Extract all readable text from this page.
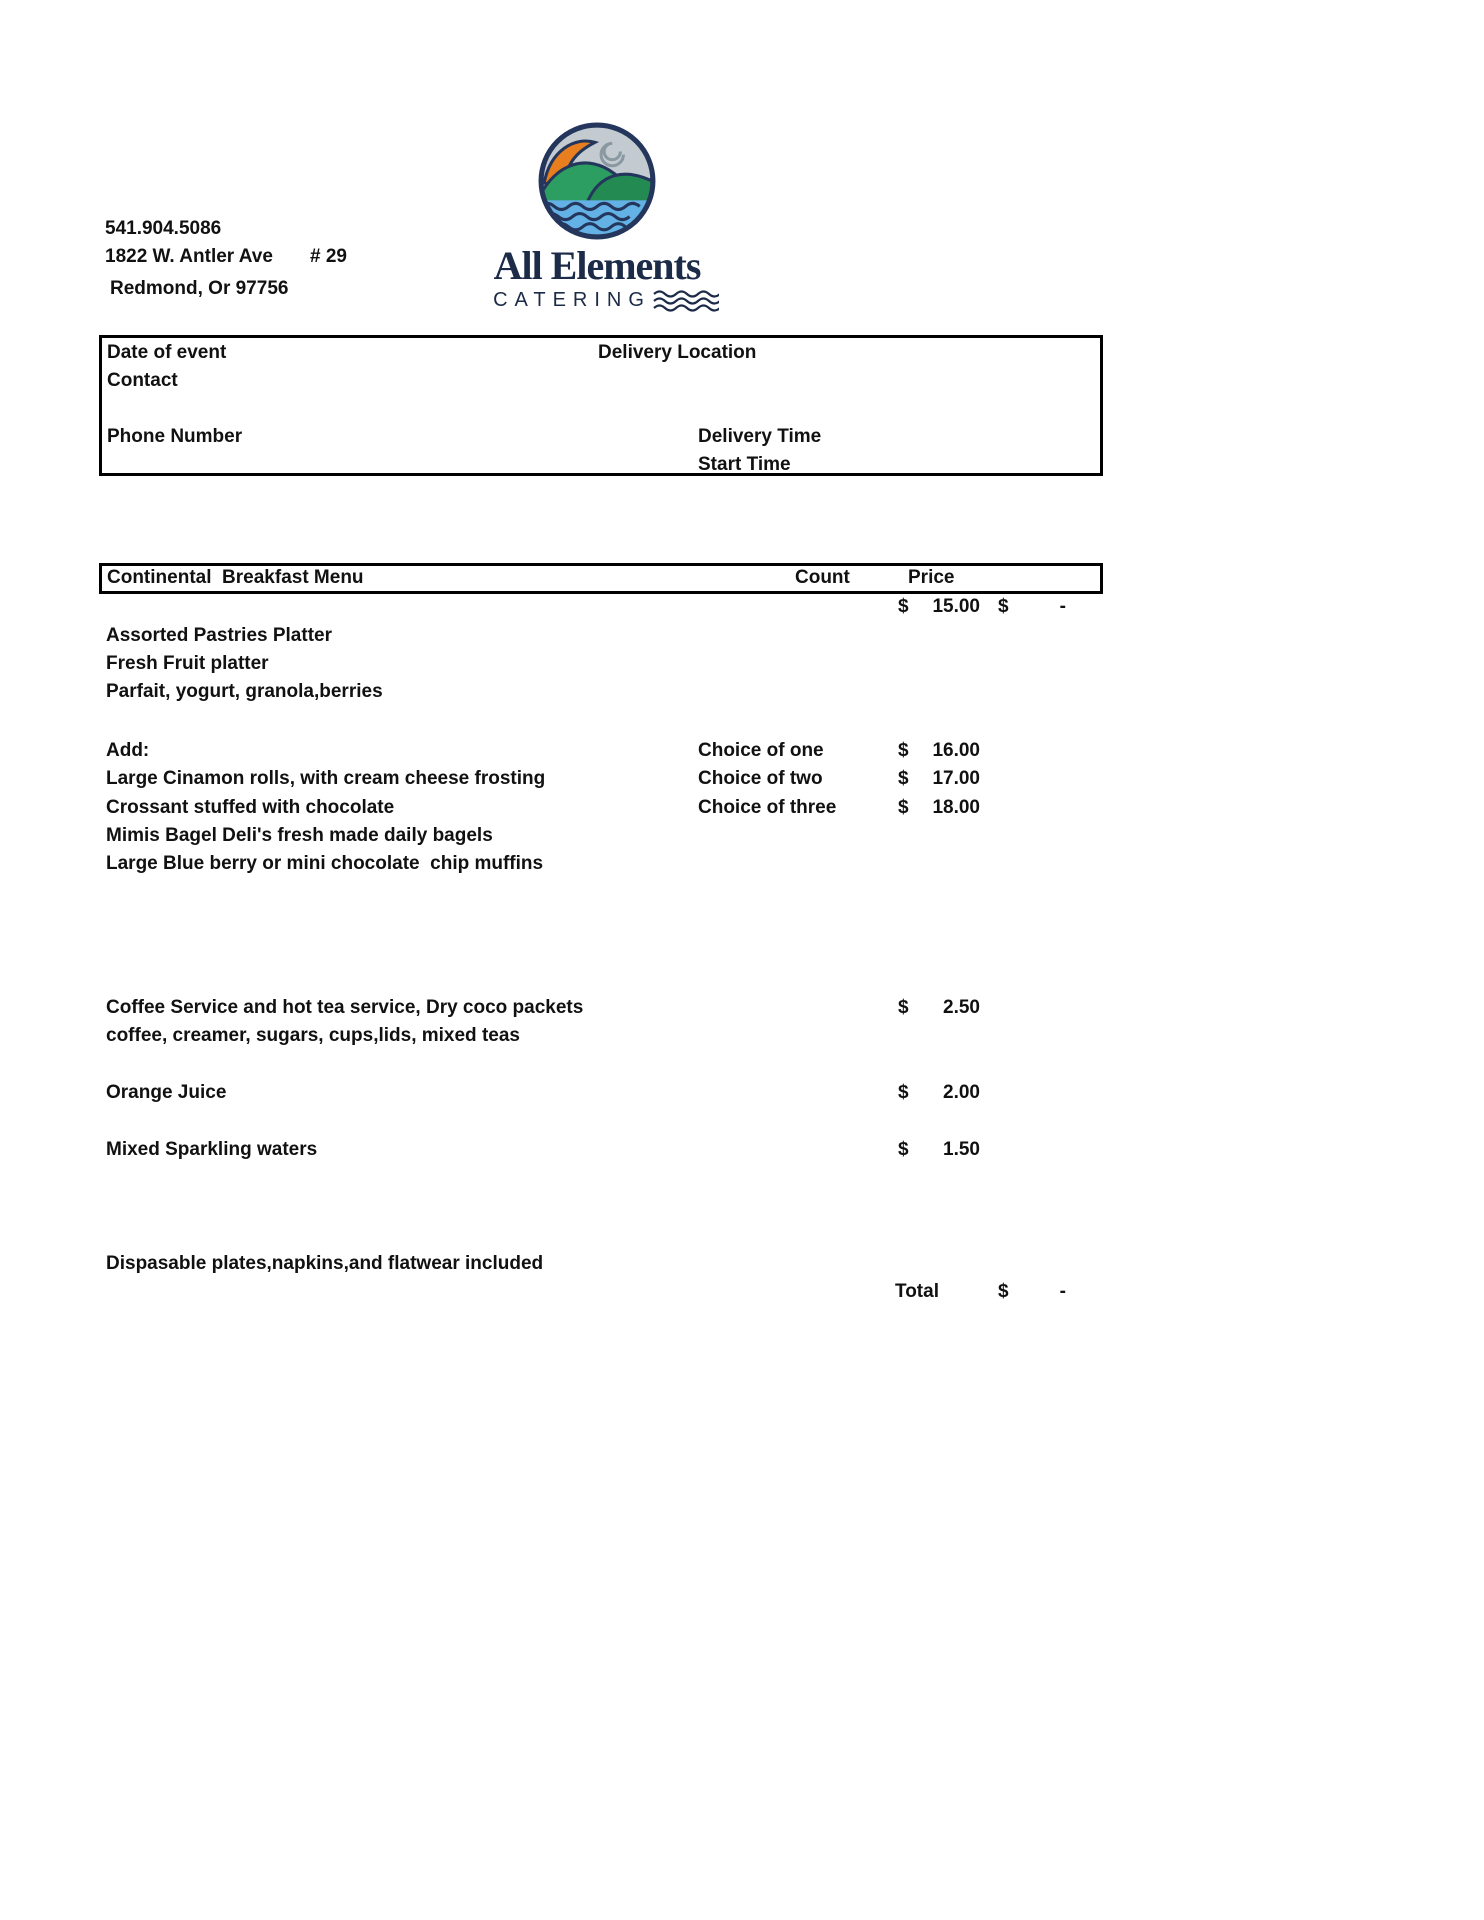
All Elements
CATERING
541.904.5086
1822 W. Antler Ave # 29
Redmond, Or 97756
Date of event	Delivery Location
Contact
Phone Number	Delivery Time
Start Time
Continental  Breakfast Menu	Count	Price
$	15.00 $	-
Assorted Pastries Platter
Fresh Fruit platter
Parfait, yogurt, granola,berries
Add:	Choice of one	$	16.00
Large Cinamon rolls, with cream cheese frosting	Choice of two	$	17.00
Crossant stuffed with chocolate	Choice of three	$	18.00
Mimis Bagel Deli's fresh made daily bagels
Large Blue berry or mini chocolate  chip muffins
Coffee Service and hot tea service, Dry coco packets	$	2.50
coffee, creamer, sugars, cups,lids, mixed teas
Orange Juice	$	2.00
Mixed Sparkling waters	$	1.50
Dispasable plates,napkins,and flatwear included
Total	$	-
